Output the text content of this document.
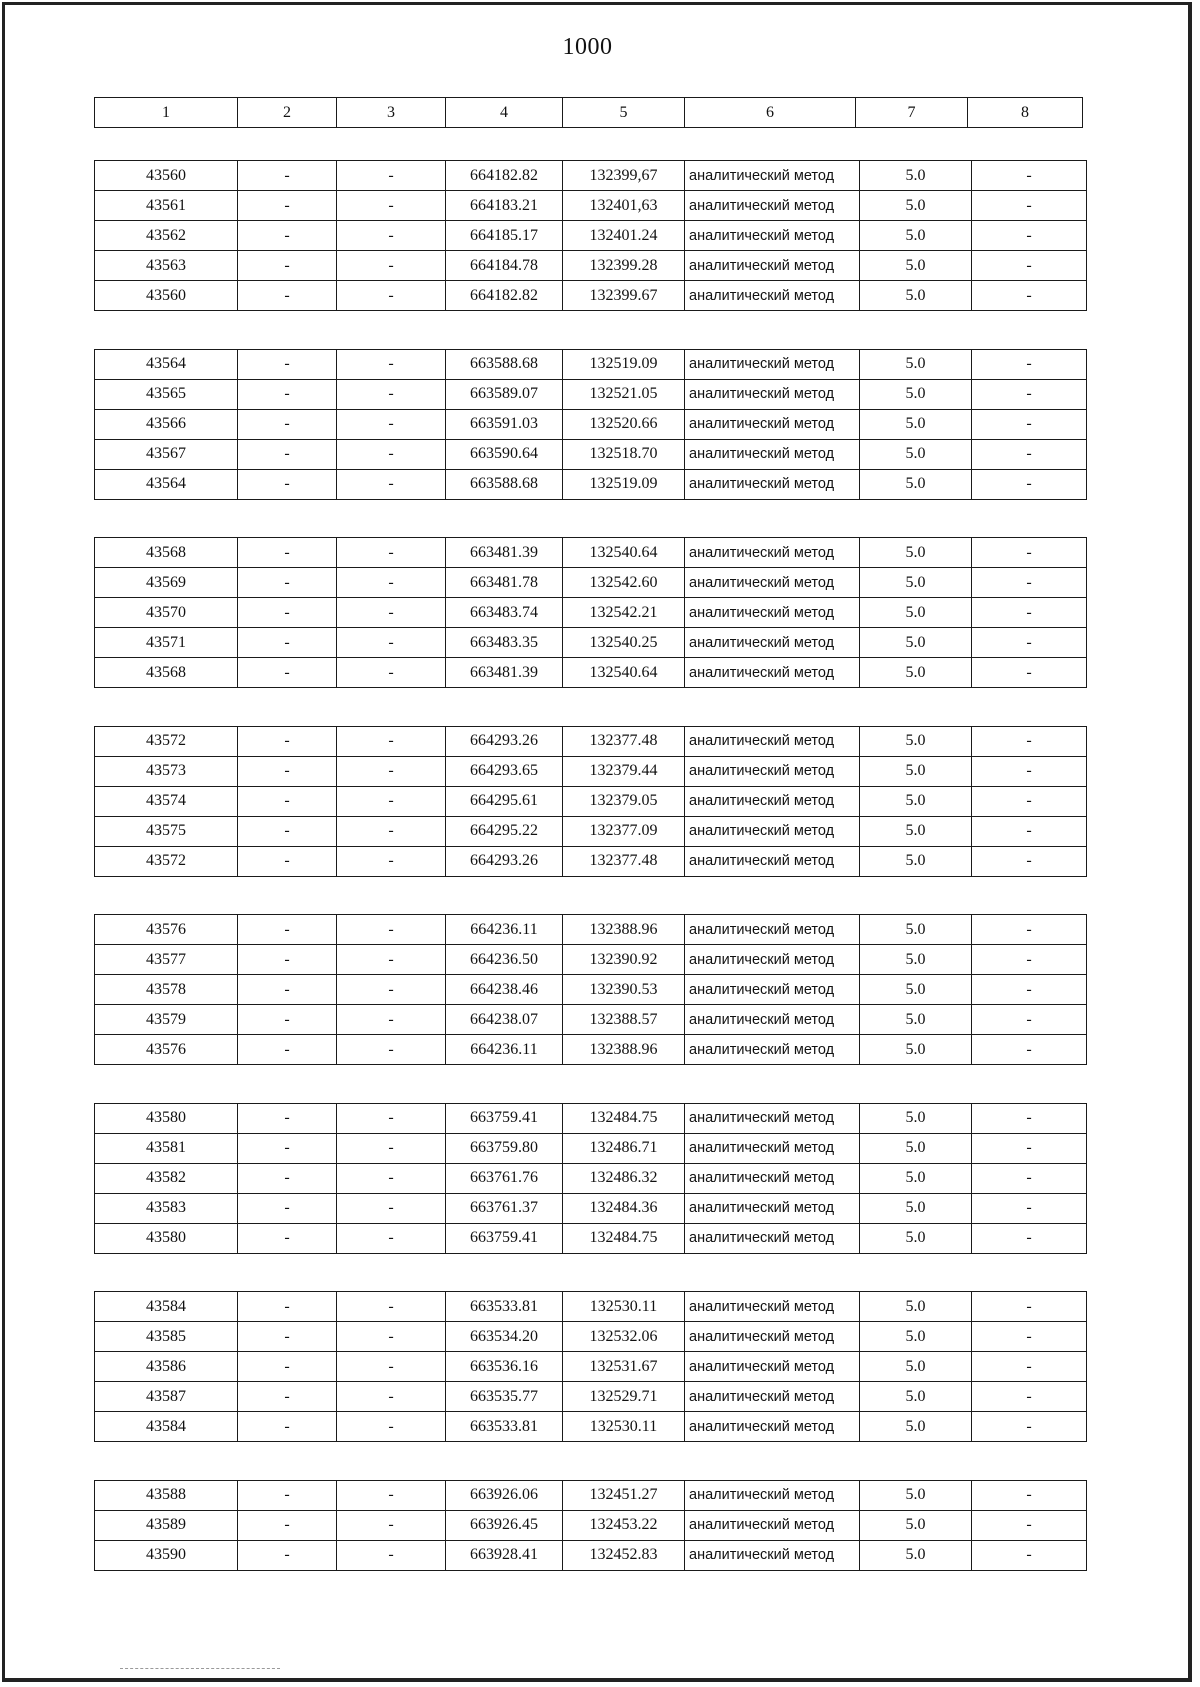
1000
1	2	3	4	5	6	7	8
43560	-	-	664182.82	132399,67	аналитический метод	5.0	-
43561	-	-	664183.21	132401,63	аналитический метод	5.0	-
43562	-	-	664185.17	132401.24	аналитический метод	5.0	-
43563	-	-	664184.78	132399.28	аналитический метод	5.0	-
43560	-	-	664182.82	132399.67	аналитический метод	5.0	-
43564	-	-	663588.68	132519.09	аналитический метод	5.0	-
43565	-	-	663589.07	132521.05	аналитический метод	5.0	-
43566	-	-	663591.03	132520.66	аналитический метод	5.0	-
43567	-	-	663590.64	132518.70	аналитический метод	5.0	-
43564	-	-	663588.68	132519.09	аналитический метод	5.0	-
43568	-	-	663481.39	132540.64	аналитический метод	5.0	-
43569	-	-	663481.78	132542.60	аналитический метод	5.0	-
43570	-	-	663483.74	132542.21	аналитический метод	5.0	-
43571	-	-	663483.35	132540.25	аналитический метод	5.0	-
43568	-	-	663481.39	132540.64	аналитический метод	5.0	-
43572	-	-	664293.26	132377.48	аналитический метод	5.0	-
43573	-	-	664293.65	132379.44	аналитический метод	5.0	-
43574	-	-	664295.61	132379.05	аналитический метод	5.0	-
43575	-	-	664295.22	132377.09	аналитический метод	5.0	-
43572	-	-	664293.26	132377.48	аналитический метод	5.0	-
43576	-	-	664236.11	132388.96	аналитический метод	5.0	-
43577	-	-	664236.50	132390.92	аналитический метод	5.0	-
43578	-	-	664238.46	132390.53	аналитический метод	5.0	-
43579	-	-	664238.07	132388.57	аналитический метод	5.0	-
43576	-	-	664236.11	132388.96	аналитический метод	5.0	-
43580	-	-	663759.41	132484.75	аналитический метод	5.0	-
43581	-	-	663759.80	132486.71	аналитический метод	5.0	-
43582	-	-	663761.76	132486.32	аналитический метод	5.0	-
43583	-	-	663761.37	132484.36	аналитический метод	5.0	-
43580	-	-	663759.41	132484.75	аналитический метод	5.0	-
43584	-	-	663533.81	132530.11	аналитический метод	5.0	-
43585	-	-	663534.20	132532.06	аналитический метод	5.0	-
43586	-	-	663536.16	132531.67	аналитический метод	5.0	-
43587	-	-	663535.77	132529.71	аналитический метод	5.0	-
43584	-	-	663533.81	132530.11	аналитический метод	5.0	-
43588	-	-	663926.06	132451.27	аналитический метод	5.0	-
43589	-	-	663926.45	132453.22	аналитический метод	5.0	-
43590	-	-	663928.41	132452.83	аналитический метод	5.0	-
